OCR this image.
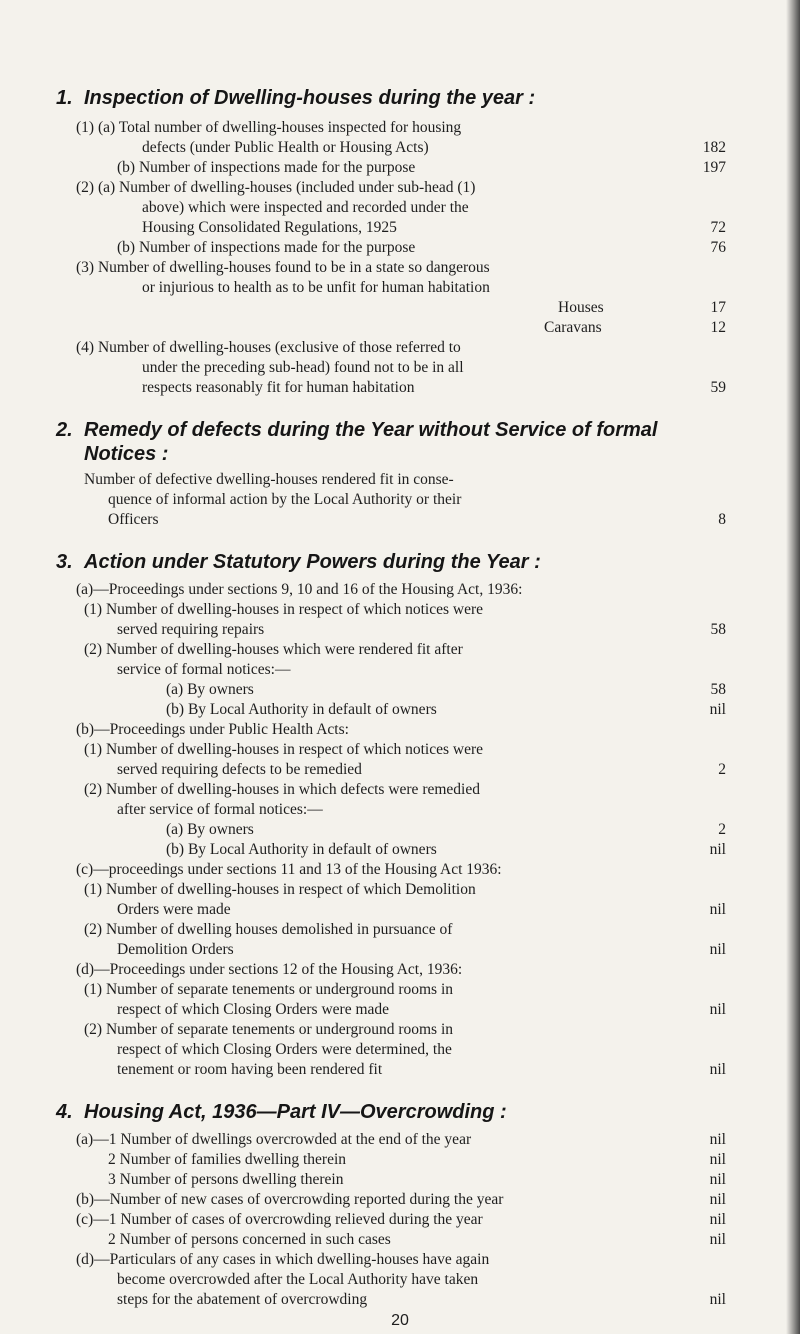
1. Inspection of Dwelling-houses during the year :
(1) (a) Total number of dwelling-houses inspected for housing
defects (under Public Health or Housing Acts)	182
(b) Number of inspections made for the purpose	197
(2) (a) Number of dwelling-houses (included under sub-head (1)
above) which were inspected and recorded under the
Housing Consolidated Regulations, 1925	72
(b) Number of inspections made for the purpose	76
(3) Number of dwelling-houses found to be in a state so dangerous
or injurious to health as to be unfit for human habitation
Houses	17
Caravans	12
(4) Number of dwelling-houses (exclusive of those referred to
under the preceding sub-head) found not to be in all
respects reasonably fit for human habitation	59
2. Remedy of defects during the Year without Service of formal
Notices :
Number of defective dwelling-houses rendered fit in conse-
quence of informal action by the Local Authority or their
Officers	8
3. Action under Statutory Powers during the Year :
(a)—Proceedings under sections 9, 10 and 16 of the Housing Act, 1936:
(1) Number of dwelling-houses in respect of which notices were
served requiring repairs	58
(2) Number of dwelling-houses which were rendered fit after
service of formal notices:—
(a) By owners	58
(b) By Local Authority in default of owners	nil
(b)—Proceedings under Public Health Acts:
(1) Number of dwelling-houses in respect of which notices were
served requiring defects to be remedied	2
(2) Number of dwelling-houses in which defects were remedied
after service of formal notices:—
(a) By owners	2
(b) By Local Authority in default of owners	nil
(c)—proceedings under sections 11 and 13 of the Housing Act 1936:
(1) Number of dwelling-houses in respect of which Demolition
Orders were made	nil
(2) Number of dwelling houses demolished in pursuance of
Demolition Orders	nil
(d)—Proceedings under sections 12 of the Housing Act, 1936:
(1) Number of separate tenements or underground rooms in
respect of which Closing Orders were made	nil
(2) Number of separate tenements or underground rooms in
respect of which Closing Orders were determined, the
tenement or room having been rendered fit	nil
4. Housing Act, 1936—Part IV—Overcrowding :
(a)—1 Number of dwellings overcrowded at the end of the year	nil
2 Number of families dwelling therein	nil
3 Number of persons dwelling therein	nil
(b)—Number of new cases of overcrowding reported during the year	nil
(c)—1 Number of cases of overcrowding relieved during the year	nil
2 Number of persons concerned in such cases	nil
(d)—Particulars of any cases in which dwelling-houses have again
become overcrowded after the Local Authority have taken
steps for the abatement of overcrowding	nil
20
